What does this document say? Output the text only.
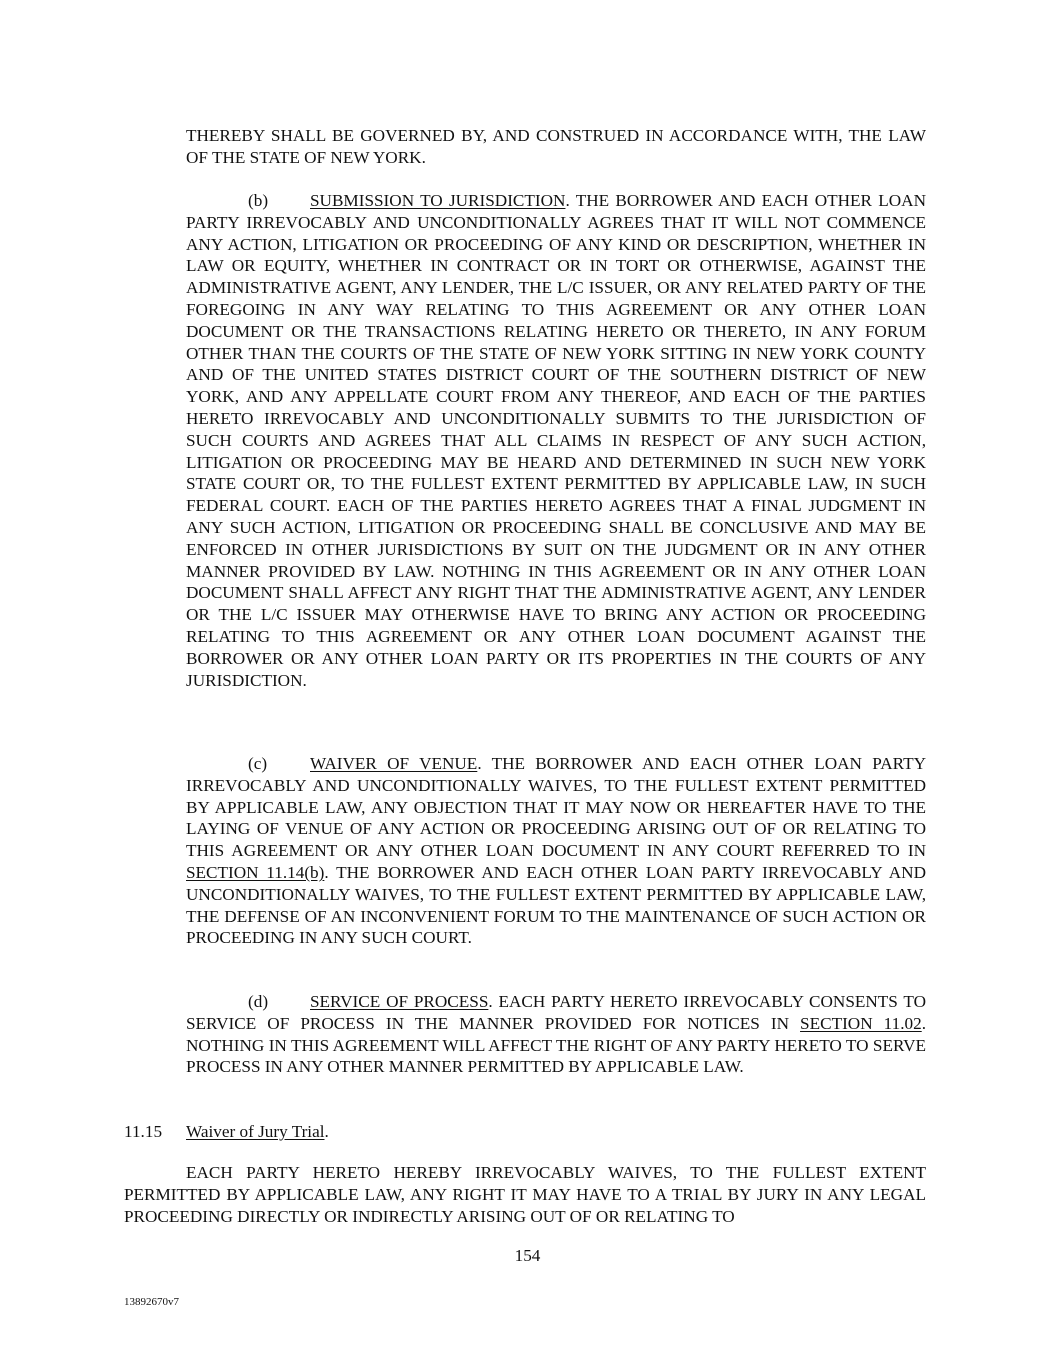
THEREBY SHALL BE GOVERNED BY, AND CONSTRUED IN ACCORDANCE WITH, THE LAW OF THE STATE OF NEW YORK.
(b) SUBMISSION TO JURISDICTION. THE BORROWER AND EACH OTHER LOAN PARTY IRREVOCABLY AND UNCONDITIONALLY AGREES THAT IT WILL NOT COMMENCE ANY ACTION, LITIGATION OR PROCEEDING OF ANY KIND OR DESCRIPTION, WHETHER IN LAW OR EQUITY, WHETHER IN CONTRACT OR IN TORT OR OTHERWISE, AGAINST THE ADMINISTRATIVE AGENT, ANY LENDER, THE L/C ISSUER, OR ANY RELATED PARTY OF THE FOREGOING IN ANY WAY RELATING TO THIS AGREEMENT OR ANY OTHER LOAN DOCUMENT OR THE TRANSACTIONS RELATING HERETO OR THERETO, IN ANY FORUM OTHER THAN THE COURTS OF THE STATE OF NEW YORK SITTING IN NEW YORK COUNTY AND OF THE UNITED STATES DISTRICT COURT OF THE SOUTHERN DISTRICT OF NEW YORK, AND ANY APPELLATE COURT FROM ANY THEREOF, AND EACH OF THE PARTIES HERETO IRREVOCABLY AND UNCONDITIONALLY SUBMITS TO THE JURISDICTION OF SUCH COURTS AND AGREES THAT ALL CLAIMS IN RESPECT OF ANY SUCH ACTION, LITIGATION OR PROCEEDING MAY BE HEARD AND DETERMINED IN SUCH NEW YORK STATE COURT OR, TO THE FULLEST EXTENT PERMITTED BY APPLICABLE LAW, IN SUCH FEDERAL COURT. EACH OF THE PARTIES HERETO AGREES THAT A FINAL JUDGMENT IN ANY SUCH ACTION, LITIGATION OR PROCEEDING SHALL BE CONCLUSIVE AND MAY BE ENFORCED IN OTHER JURISDICTIONS BY SUIT ON THE JUDGMENT OR IN ANY OTHER MANNER PROVIDED BY LAW. NOTHING IN THIS AGREEMENT OR IN ANY OTHER LOAN DOCUMENT SHALL AFFECT ANY RIGHT THAT THE ADMINISTRATIVE AGENT, ANY LENDER OR THE L/C ISSUER MAY OTHERWISE HAVE TO BRING ANY ACTION OR PROCEEDING RELATING TO THIS AGREEMENT OR ANY OTHER LOAN DOCUMENT AGAINST THE BORROWER OR ANY OTHER LOAN PARTY OR ITS PROPERTIES IN THE COURTS OF ANY JURISDICTION.
(c) WAIVER OF VENUE. THE BORROWER AND EACH OTHER LOAN PARTY IRREVOCABLY AND UNCONDITIONALLY WAIVES, TO THE FULLEST EXTENT PERMITTED BY APPLICABLE LAW, ANY OBJECTION THAT IT MAY NOW OR HEREAFTER HAVE TO THE LAYING OF VENUE OF ANY ACTION OR PROCEEDING ARISING OUT OF OR RELATING TO THIS AGREEMENT OR ANY OTHER LOAN DOCUMENT IN ANY COURT REFERRED TO IN SECTION 11.14(b). THE BORROWER AND EACH OTHER LOAN PARTY IRREVOCABLY AND UNCONDITIONALLY WAIVES, TO THE FULLEST EXTENT PERMITTED BY APPLICABLE LAW, THE DEFENSE OF AN INCONVENIENT FORUM TO THE MAINTENANCE OF SUCH ACTION OR PROCEEDING IN ANY SUCH COURT.
(d) SERVICE OF PROCESS. EACH PARTY HERETO IRREVOCABLY CONSENTS TO SERVICE OF PROCESS IN THE MANNER PROVIDED FOR NOTICES IN SECTION 11.02. NOTHING IN THIS AGREEMENT WILL AFFECT THE RIGHT OF ANY PARTY HERETO TO SERVE PROCESS IN ANY OTHER MANNER PERMITTED BY APPLICABLE LAW.
11.15 Waiver of Jury Trial.
EACH PARTY HERETO HEREBY IRREVOCABLY WAIVES, TO THE FULLEST EXTENT PERMITTED BY APPLICABLE LAW, ANY RIGHT IT MAY HAVE TO A TRIAL BY JURY IN ANY LEGAL PROCEEDING DIRECTLY OR INDIRECTLY ARISING OUT OF OR RELATING TO
154
13892670v7
